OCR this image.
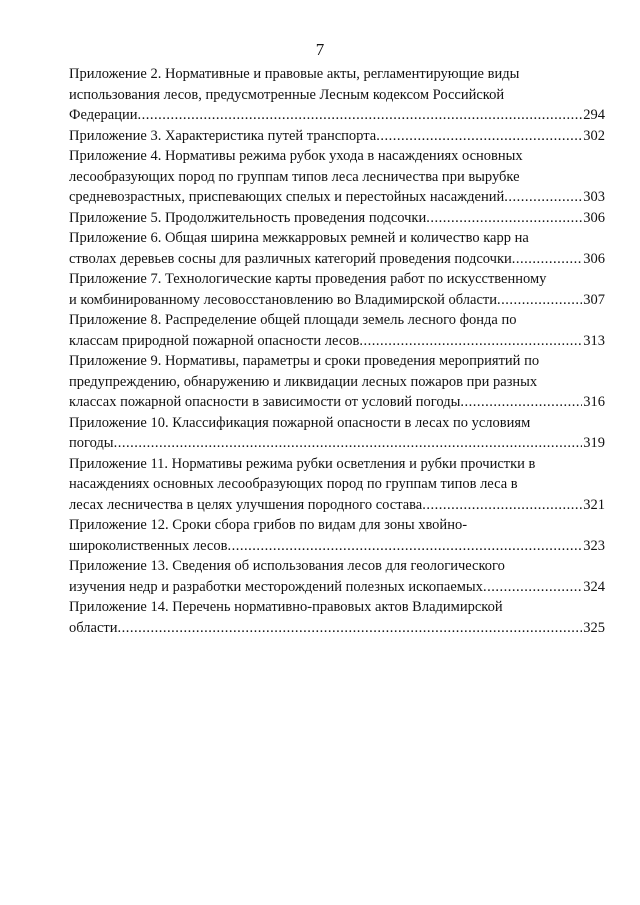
7
Приложение 2. Нормативные и правовые акты, регламентирующие виды
использования лесов, предусмотренные Лесным кодексом Российской
Федерации .....	294
Приложение 3. Характеристика путей транспорта .....	302
Приложение 4. Нормативы режима рубок ухода в насаждениях основных
лесообразующих пород по группам типов леса лесничества при вырубке
средневозрастных, приспевающих спелых и перестойных насаждений .....	303
Приложение 5. Продолжительность проведения подсочки .....	306
Приложение 6. Общая ширина межкарровых ремней и количество карр на
стволах деревьев сосны для различных категорий проведения подсочки .....	306
Приложение 7. Технологические карты проведения работ по искусственному
и комбинированному лесовосстановлению во Владимирской области .....	307
Приложение 8. Распределение общей площади земель лесного фонда по
классам природной пожарной опасности лесов .....	313
Приложение 9. Нормативы, параметры и сроки проведения мероприятий по
предупреждению, обнаружению и ликвидации лесных пожаров при разных
классах пожарной опасности в зависимости от условий погоды .....	316
Приложение 10. Классификация пожарной опасности в лесах по условиям
погоды .....	319
Приложение 11. Нормативы режима рубки осветления и рубки прочистки в
насаждениях основных лесообразующих пород по группам типов леса в
лесах лесничества в целях улучшения породного состава .....	321
Приложение 12. Сроки сбора грибов по видам для зоны хвойно-
широколиственных лесов .....	323
Приложение 13. Сведения об использования лесов для геологического
изучения недр и разработки месторождений полезных ископаемых .....	324
Приложение 14. Перечень нормативно-правовых актов Владимирской
области .....	325
